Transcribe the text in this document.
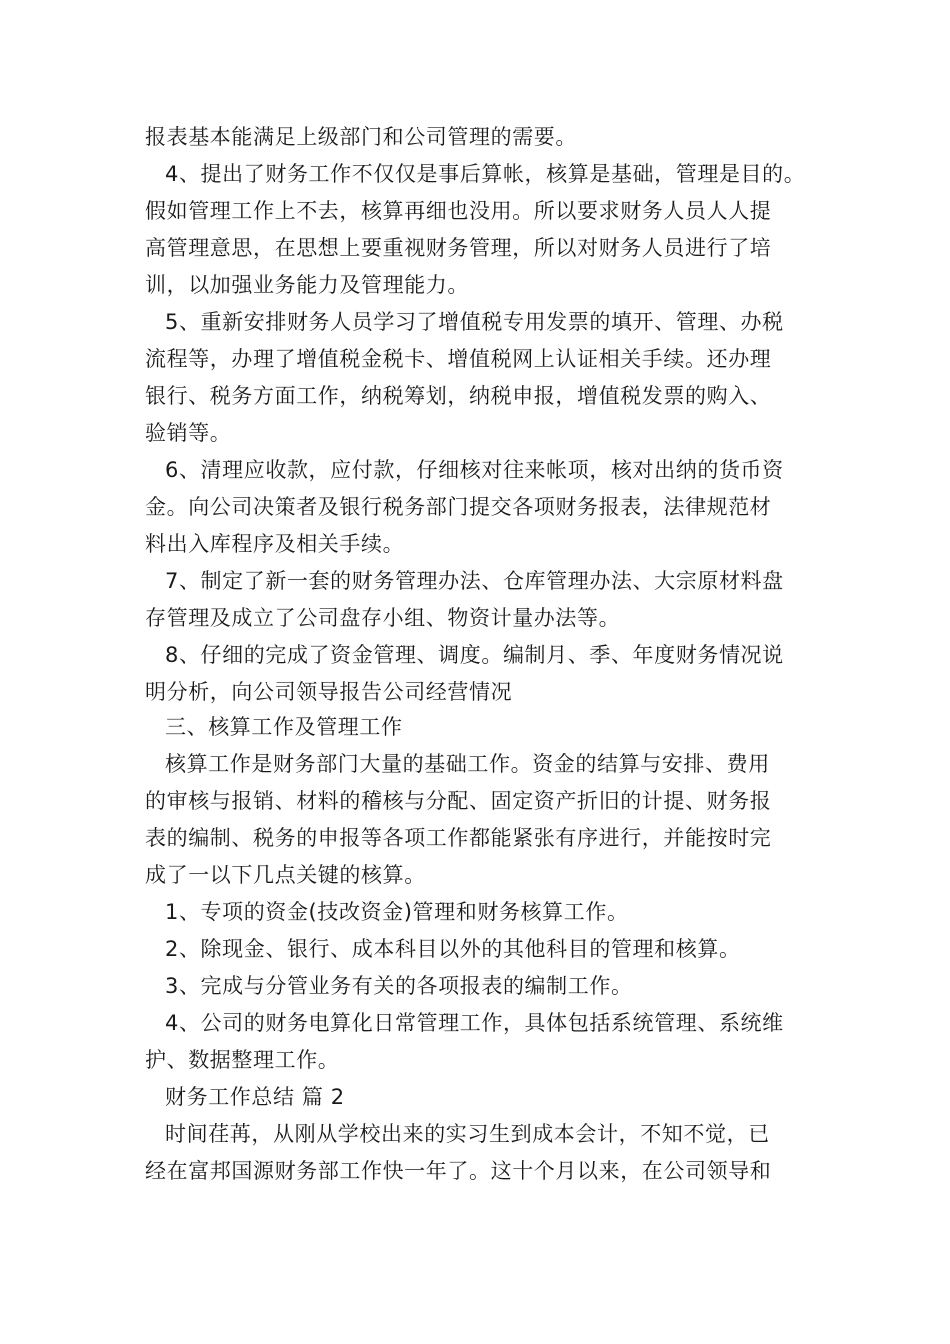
报表基本能满足上级部门和公司管理的需要。
4、提出了财务工作不仅仅是事后算帐，核算是基础，管理是目的。
假如管理工作上不去，核算再细也没用。所以要求财务人员人人提
高管理意思，在思想上要重视财务管理，所以对财务人员进行了培
训，以加强业务能力及管理能力。
5、重新安排财务人员学习了增值税专用发票的填开、管理、办税
流程等，办理了增值税金税卡、增值税网上认证相关手续。还办理
银行、税务方面工作，纳税筹划，纳税申报，增值税发票的购入、
验销等。
6、清理应收款，应付款，仔细核对往来帐项，核对出纳的货币资
金。向公司决策者及银行税务部门提交各项财务报表，法律规范材
料出入库程序及相关手续。
7、制定了新一套的财务管理办法、仓库管理办法、大宗原材料盘
存管理及成立了公司盘存小组、物资计量办法等。
8、仔细的完成了资金管理、调度。编制月、季、年度财务情况说
明分析，向公司领导报告公司经营情况
三、核算工作及管理工作
核算工作是财务部门大量的基础工作。资金的结算与安排、费用
的审核与报销、材料的稽核与分配、固定资产折旧的计提、财务报
表的编制、税务的申报等各项工作都能紧张有序进行，并能按时完
成了一以下几点关键的核算。
1、专项的资金(技改资金)管理和财务核算工作。
2、除现金、银行、成本科目以外的其他科目的管理和核算。
3、完成与分管业务有关的各项报表的编制工作。
4、公司的财务电算化日常管理工作，具体包括系统管理、系统维
护、数据整理工作。
财务工作总结 篇 2
时间荏苒，从刚从学校出来的实习生到成本会计，不知不觉，已
经在富邦国源财务部工作快一年了。这十个月以来，在公司领导和
